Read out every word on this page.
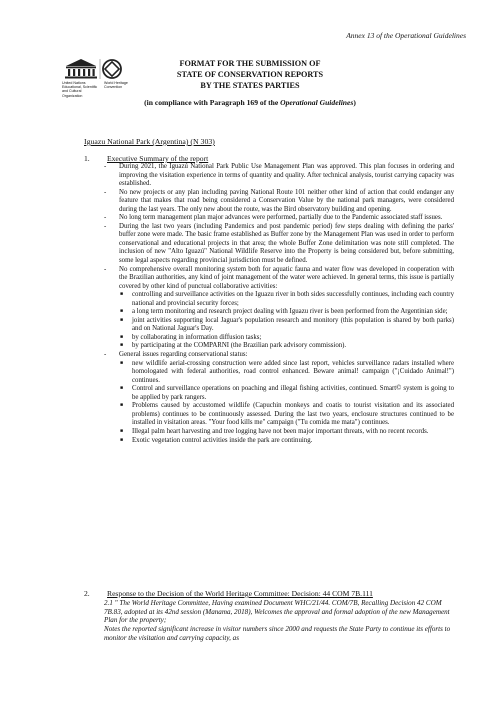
Annex 13 of the Operational Guidelines
United Nations Educational, Scientific and Cultural Organization
World Heritage Convention
FORMAT FOR THE SUBMISSION OF
STATE OF CONSERVATION REPORTS
BY THE STATES PARTIES
(in compliance with Paragraph 169 of the Operational Guidelines)
Iguazu National Park (Argentina) (N 303)
1. Executive Summary of the report
- During 2021, the Iguazú National Park Public Use Management Plan was approved. This plan focuses in ordering and improving the visitation experience in terms of quantity and quality. After technical analysis, tourist carrying capacity was established.
- No new projects or any plan including paving National Route 101 neither other kind of action that could endanger any feature that makes that road being considered a Conservation Value by the national park managers, were considered during the last years. The only new about the route, was the Bird observatory building and opening.
- No long term management plan major advances were performed, partially due to the Pandemic associated staff issues.
- During the last two years (including Pandemics and post pandemic period) few steps dealing with defining the parks' buffer zone were made. The basic frame established as Buffer zone by the Management Plan was used in order to perform conservational and educational projects in that area; the whole Buffer Zone delimitation was note still completed. The inclusion of new "Alto Iguazú" National Wildlife Reserve into the Property is being considered but, before submitting, some legal aspects regarding provincial jurisdiction must be defined.
- No comprehensive overall monitoring system both for aquatic fauna and water flow was developed in cooperation with the Brazilian authorities, any kind of joint management of the water were achieved. In general terms, this issue is partially covered by other kind of punctual collaborative activities:
■ controlling and surveillance activities on the Iguazu river in both sides successfully continues, including each country national and provincial security forces;
■ a long term monitoring and research project dealing with Iguazu river is been performed from the Argentinian side;
■ joint activities supporting local Jaguar's population research and monitory (this population is shared by both parks) and on National Jaguar's Day.
■ by collaborating in information diffusion tasks;
■ by participating at the COMPARNI (the Brazilian park advisory commission).
- General issues regarding conservational status:
■ new wildlife aerial-crossing construction were added since last report, vehicles surveillance radars installed where homologated with federal authorities, road control enhanced. Beware animal! campaign ("¡Cuidado Animal!") continues.
■ Control and surveillance operations on poaching and illegal fishing activities, continued. Smart© system is going to be applied by park rangers.
■ Problems caused by accustomed wildlife (Capuchin monkeys and coatis to tourist visitation and its associated problems) continues to be continuously assessed. During the last two years, enclosure structures continued to be installed in visitation areas. "Your food kills me" campaign ("Tu comida me mata") continues.
■ Illegal palm heart harvesting and tree logging have not been major important threats, with no recent records.
■ Exotic vegetation control activities inside the park are continuing.
2. Response to the Decision of the World Heritage Committee: Decision: 44 COM 7B.111
2.1 " The World Heritage Committee, Having examined Document WHC/21/44. COM/7B, Recalling Decision 42 COM 7B.83, adopted at its 42nd session (Manama, 2018), Welcomes the approval and formal adoption of the new Management Plan for the property;
Notes the reported significant increase in visitor numbers since 2000 and requests the State Party to continue its efforts to monitor the visitation and carrying capacity, as
